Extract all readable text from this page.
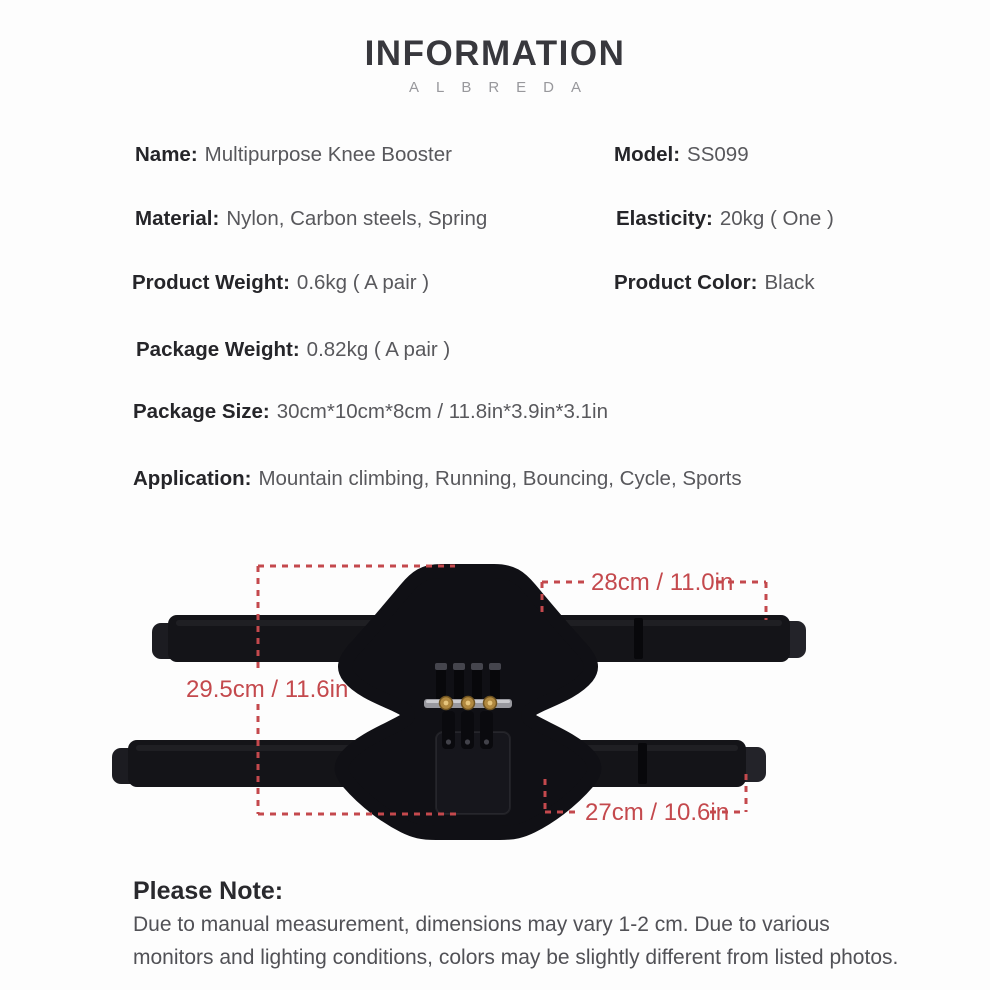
INFORMATION
ALBREDA
Name: Multipurpose Knee Booster
Material: Nylon, Carbon steels, Spring
Product Weight: 0.6kg ( A pair )
Package Weight: 0.82kg ( A pair )
Package Size: 30cm*10cm*8cm / 11.8in*3.9in*3.1in
Application: Mountain climbing, Running, Bouncing, Cycle, Sports
Model: SS099
Elasticity: 20kg ( One )
Product Color: Black
29.5cm / 11.6in
28cm / 11.0in
27cm / 10.6in
Please Note:
Due to manual measurement, dimensions may vary 1-2 cm. Due to various
monitors and lighting conditions, colors may be slightly different from listed photos.
